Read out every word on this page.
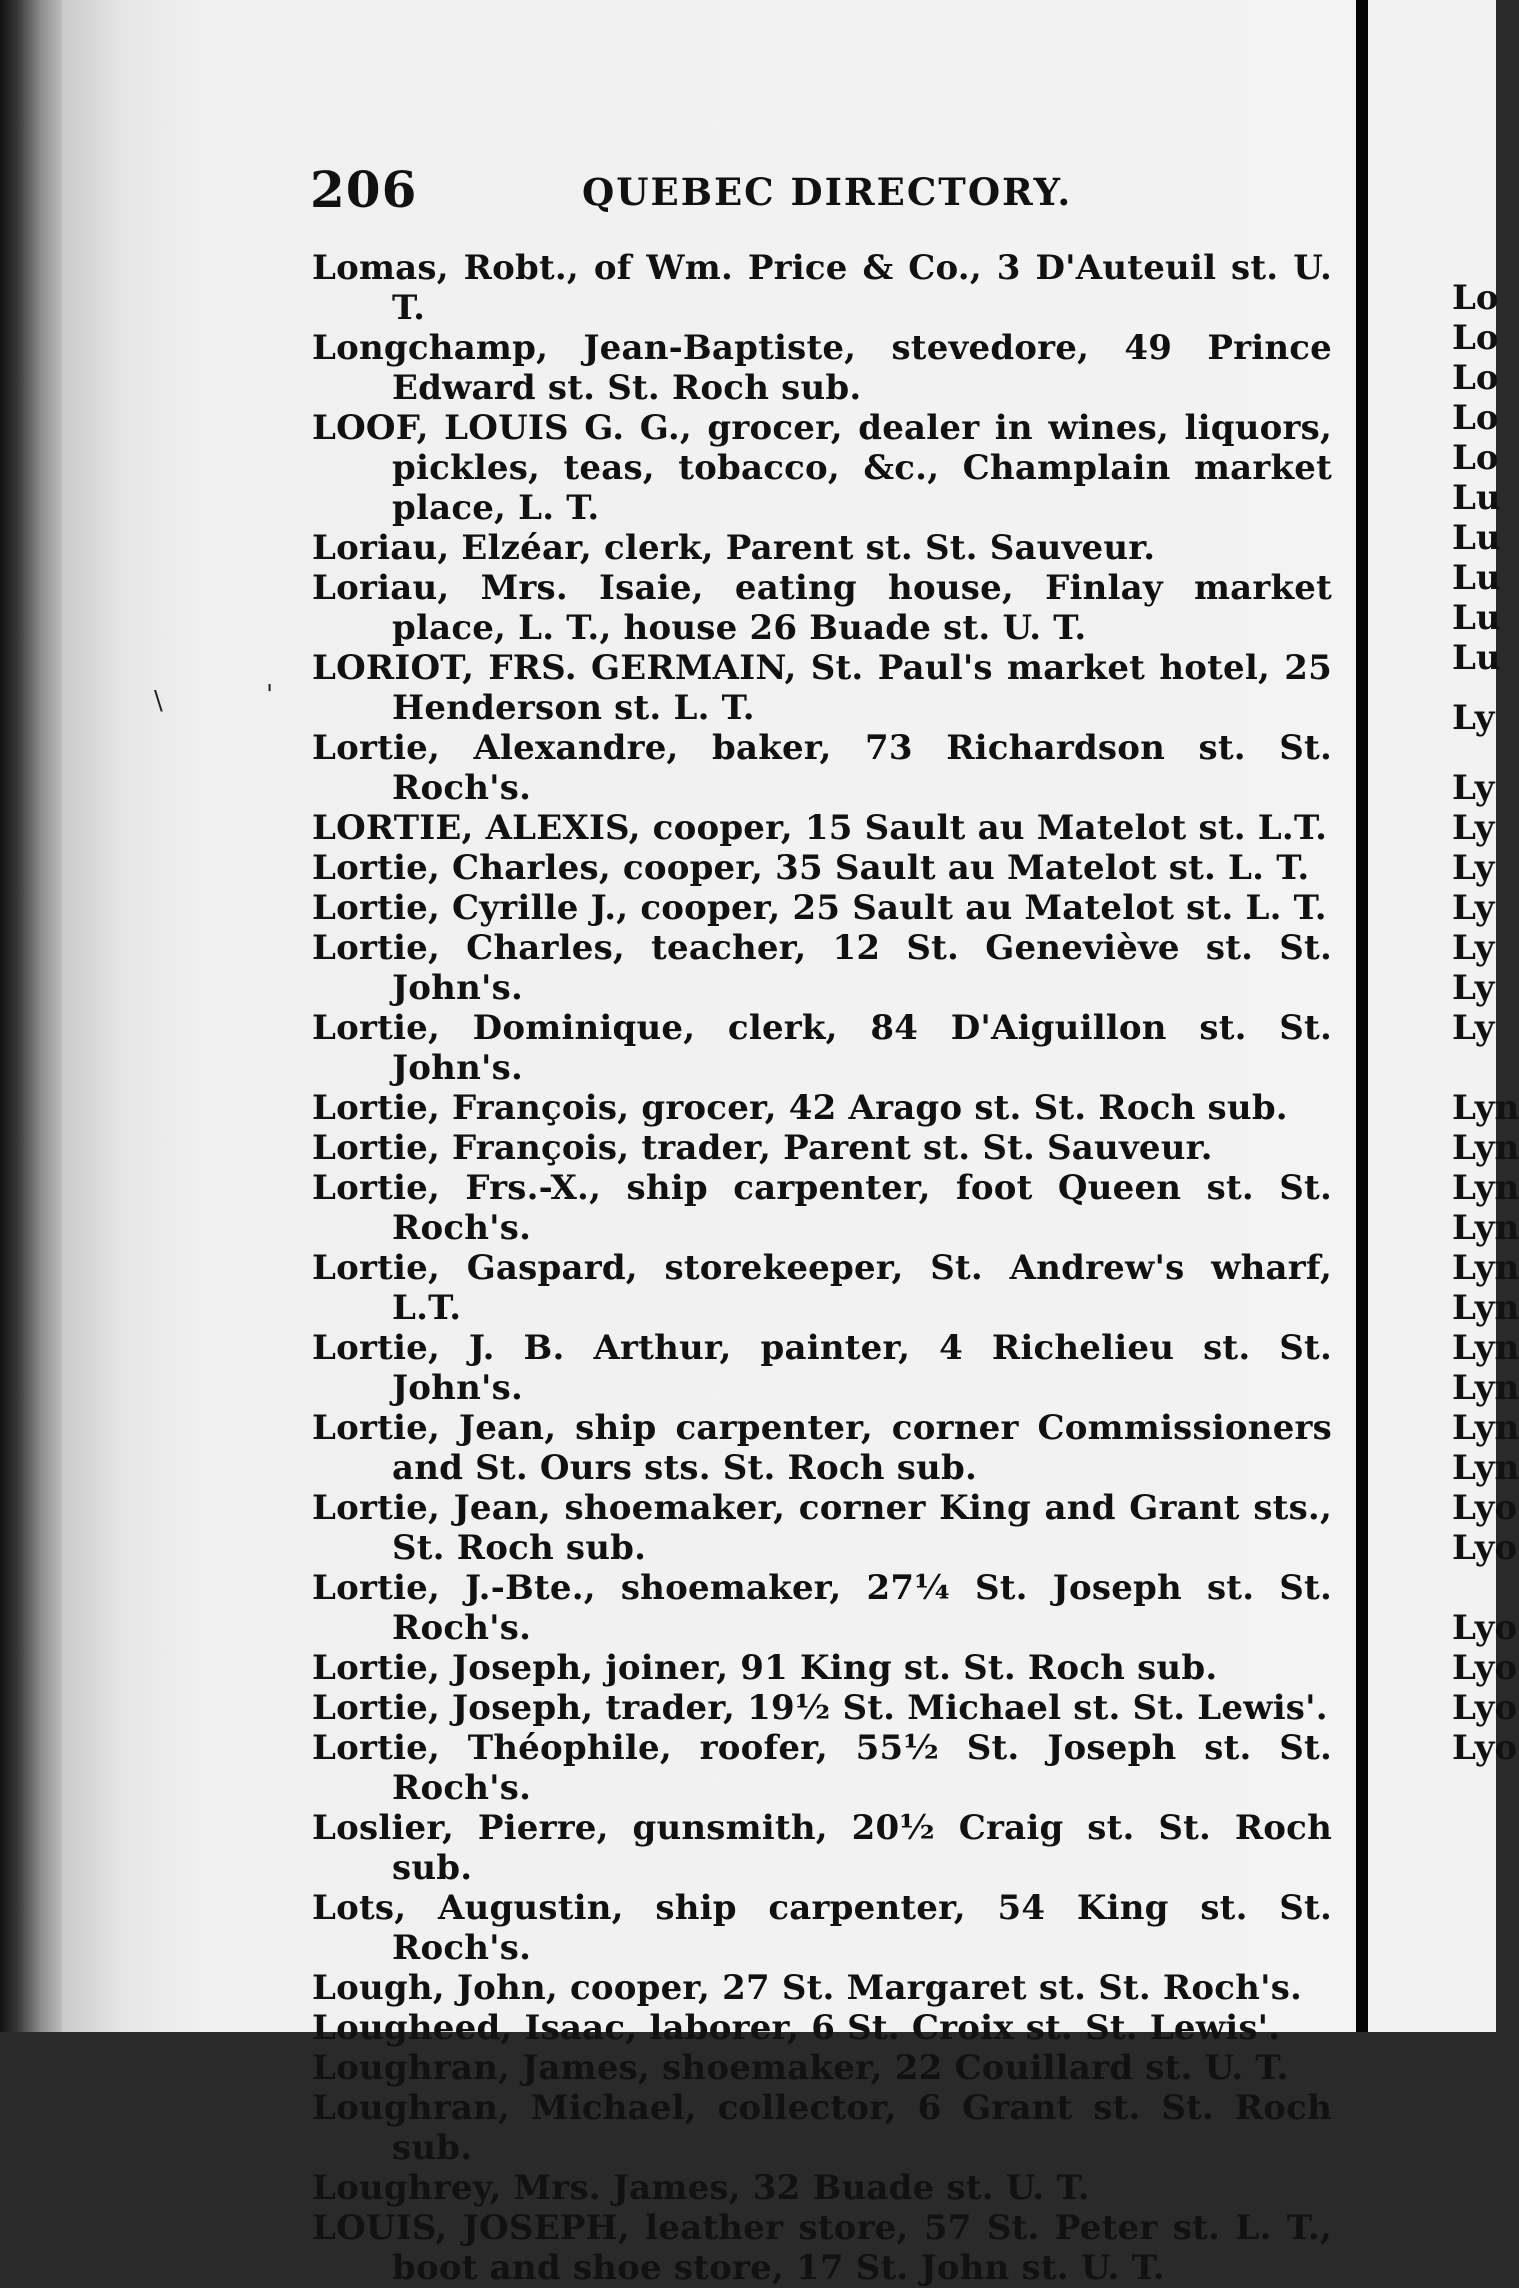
206	QUEBEC DIRECTORY.
Lomas, Robt., of Wm. Price & Co., 3 D'Auteuil st. U. T.
Longchamp, Jean-Baptiste, stevedore, 49 Prince Edward st. St. Roch sub.
LOOF, LOUIS G. G., grocer, dealer in wines, liquors, pickles, teas, tobacco, &c., Champlain market place, L. T.
Loriau, Elzéar, clerk, Parent st. St. Sauveur.
Loriau, Mrs. Isaie, eating house, Finlay market place, L. T., house 26 Buade st. U. T.
LORIOT, FRS. GERMAIN, St. Paul's market hotel, 25 Henderson st. L. T.
Lortie, Alexandre, baker, 73 Richardson st. St. Roch's.
LORTIE, ALEXIS, cooper, 15 Sault au Matelot st. L.T.
Lortie, Charles, cooper, 35 Sault au Matelot st. L. T.
Lortie, Cyrille J., cooper, 25 Sault au Matelot st. L. T.
Lortie, Charles, teacher, 12 St. Geneviève st. St. John's.
Lortie, Dominique, clerk, 84 D'Aiguillon st. St. John's.
Lortie, François, grocer, 42 Arago st. St. Roch sub.
Lortie, François, trader, Parent st. St. Sauveur.
Lortie, Frs.-X., ship carpenter, foot Queen st. St. Roch's.
Lortie, Gaspard, storekeeper, St. Andrew's wharf, L.T.
Lortie, J. B. Arthur, painter, 4 Richelieu st. St. John's.
Lortie, Jean, ship carpenter, corner Commissioners and St. Ours sts. St. Roch sub.
Lortie, Jean, shoemaker, corner King and Grant sts., St. Roch sub.
Lortie, J.-Bte., shoemaker, 27¼ St. Joseph st. St. Roch's.
Lortie, Joseph, joiner, 91 King st. St. Roch sub.
Lortie, Joseph, trader, 19½ St. Michael st. St. Lewis'.
Lortie, Théophile, roofer, 55½ St. Joseph st. St. Roch's.
Loslier, Pierre, gunsmith, 20½ Craig st. St. Roch sub.
Lots, Augustin, ship carpenter, 54 King st. St. Roch's.
Lough, John, cooper, 27 St. Margaret st. St. Roch's.
Lougheed, Isaac, laborer, 6 St. Croix st. St. Lewis'.
Loughran, James, shoemaker, 22 Couillard st. U. T.
Loughran, Michael, collector, 6 Grant st. St. Roch sub.
Loughrey, Mrs. James, 32 Buade st. U. T.
LOUIS, JOSEPH, leather store, 57 St. Peter st. L. T., boot and shoe store, 17 St. John st. U. T.
\	'
Lo
Lo
Lo
Lo
Lo
Lu
Lu
Lu
Lu
Lu
Ly
Ly
Ly
Ly
Ly
Ly
Ly
Ly
Lyn
Lyn
Lyn
Lyn
Lyn
Lyn
Lyn
Lyn
Lyn
Lyn
Lyo
Lyo
Lyo
Lyo
Lyo
Lyo
